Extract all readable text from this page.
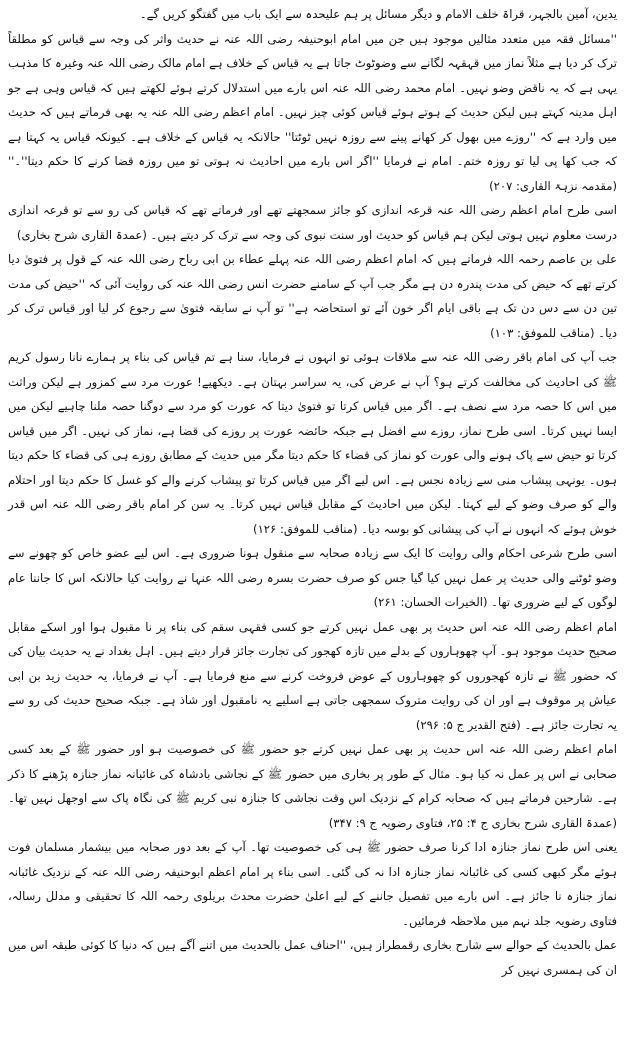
یدین، آمین بالجہر، قراۃ خلف الامام و دیگر مسائل پر ہم علیحدہ سے ایک باب میں گفتگو کریں گے۔

''مسائل فقہ میں متعدد مثالیں موجود ہیں جن میں امام ابوحنیفہ رضی اللہ عنہ نے حدیث واثر کی وجہ سے قیاس کو مطلقاً ترک کر دیا ہے مثلاً نماز میں قہقہہ لگانے سے وضوٹوٹ جاتا ہے یہ قیاس کے خلاف ہے امام مالک رضی اللہ عنہ وغیرہ کا مذہب یہی ہے کہ یہ ناقض وضو نہیں۔ امام محمد رضی اللہ عنہ اس بارے میں استدلال کرتے ہوئے لکھتے ہیں کہ قیاس وہی ہے جو اہل مدینہ کہتے ہیں لیکن حدیث کے ہوتے ہوئے قیاس کوئی چیز نہیں۔ امام اعظم رضی اللہ عنہ یہ بھی فرماتے ہیں کہ حدیث میں وارد ہے کہ ''روزے میں بھول کر کھانے پینے سے روزہ نہیں ٹوٹتا'' حالانکہ یہ قیاس کے خلاف ہے۔ کیونکہ قیاس یہ کہتا ہے کہ جب کھا پی لیا تو روزہ ختم۔ امام نے فرمایا ''اگر اس بارے میں احادیث نہ ہوتی تو میں روزہ قضا کرنے کا حکم دیتا''۔'' (مقدمہ نزہۃ القاری: ۲۰۷)

اسی طرح امام اعظم رضی اللہ عنہ قرعہ اندازی کو جائز سمجھتے تھے اور فرماتے تھے کہ قیاس کی رو سے تو قرعہ اندازی درست معلوم نہیں ہوتی لیکن ہم قیاس کو حدیث اور سنت نبوی کی وجہ سے ترک کر دیتے ہیں۔ (عمدۃ القاری شرح بخاری)

علی بن عاصم رحمہ اللہ فرماتے ہیں کہ امام اعظم رضی اللہ عنہ پہلے عطاء بن ابی رباح رضی اللہ عنہ کے قول پر فتویٰ دیا کرتے تھے کہ حیض کی مدت پندرہ دن ہے مگر جب آپ کے سامنے حضرت انس رضی اللہ عنہ کی روایت آئی کہ ''حیض کی مدت تین دن سے دس دن تک ہے باقی ایام اگر خون آئے تو استحاضہ ہے'' تو آپ نے سابقہ فتویٰ سے رجوع کر لیا اور قیاس ترک کر دیا۔ (مناقب للموفق: ۱۰۳)

جب آپ کی امام باقر رضی اللہ عنہ سے ملاقات ہوئی تو انہوں نے فرمایا، سنا ہے تم قیاس کی بناء پر ہمارے نانا رسول کریم ﷺ کی احادیث کی مخالفت کرتے ہو؟ آپ نے عرض کی، یہ سراسر بہتان ہے۔ دیکھیے! عورت مرد سے کمزور ہے لیکن وراثت میں اس کا حصہ مرد سے نصف ہے۔ اگر میں قیاس کرتا تو فتویٰ دیتا کہ عورت کو مرد سے دوگنا حصہ ملنا چاہیے لیکن میں ایسا نہیں کرتا۔ اسی طرح نماز، روزے سے افضل ہے جبکہ حائضہ عورت پر روزے کی قضا ہے، نماز کی نہیں۔ اگر میں قیاس کرتا تو حیض سے پاک ہونے والی عورت کو نماز کی قضاء کا حکم دیتا مگر میں حدیث کے مطابق روزے ہی کی قضاء کا حکم دیتا ہوں۔ یونہی پیشاب منی سے زیادہ نجس ہے۔ اس لیے اگر میں قیاس کرتا تو پیشاب کرنے والے کو غسل کا حکم دیتا اور احتلام والے کو صرف وضو کے لیے کہتا۔ لیکن میں احادیث کے مقابل قیاس نہیں کرتا۔ یہ سن کر امام باقر رضی اللہ عنہ اس قدر خوش ہوئے کہ انہوں نے آپ کی پیشانی کو بوسہ دیا۔ (مناقب للموفق: ۱۲۶)

اسی طرح شرعی احکام والی روایت کا ایک سے زیادہ صحابہ سے منقول ہونا ضروری ہے۔ اس لیے عضو خاص کو چھونے سے وضو ٹوٹنے والی حدیث پر عمل نہیں کیا گیا جس کو صرف حضرت بسرہ رضی اللہ عنہا نے روایت کیا حالانکہ اس کا جاننا عام لوگوں کے لیے ضروری تھا۔ (الخیرات الحسان: ۲۶۱)

امام اعظم رضی اللہ عنہ اس حدیث پر بھی عمل نہیں کرتے جو کسی فقہی سقم کی بناء پر نا مقبول ہوا اور اسکے مقابل صحیح حدیث موجود ہو۔ آپ چھوہاروں کے بدلے میں تازہ کھجور کی تجارت جائز قرار دیتے ہیں۔ اہل بغداد نے یہ حدیث بیان کی کہ حضور ﷺ نے تازہ کھجوروں کو چھوہاروں کے عوض فروخت کرنے سے منع فرمایا ہے۔ آپ نے فرمایا، یہ حدیث زید بن ابی عیاش پر موقوف ہے اور ان کی روایت متروک سمجھی جاتی ہے اسلیے یہ نامقبول اور شاذ ہے۔ جبکہ صحیح حدیث کی رو سے یہ تجارت جائز ہے۔ (فتح القدیر ج ۵: ۲۹۶)

امام اعظم رضی اللہ عنہ اس حدیث پر بھی عمل نہیں کرتے جو حضور ﷺ کی خصوصیت ہو اور حضور ﷺ کے بعد کسی صحابی نے اس پر عمل نہ کیا ہو۔ مثال کے طور پر بخاری میں حضور ﷺ کے نجاشی بادشاہ کی غائبانہ نماز جنازہ پڑھنے کا ذکر ہے۔ شارحین فرماتے ہیں کہ صحابہ کرام کے نزدیک اس وقت نجاشی کا جنازہ نبی کریم ﷺ کی نگاہ پاک سے اوجھل نہیں تھا۔ (عمدۃ القاری شرح بخاری ج ۴: ۲۵، فتاوی رضویہ ج ۹: ۳۴۷)

یعنی اس طرح نماز جنازہ ادا کرنا صرف حضور ﷺ ہی کی خصوصیت تھا۔ آپ کے بعد دور صحابہ میں بیشمار مسلمان فوت ہوئے مگر کبھی کسی کی غائبانہ نماز جنازہ ادا نہ کی گئی۔ اسی بناء پر امام اعظم ابوحنیفہ رضی اللہ عنہ کے نزدیک غائبانہ نماز جنازہ نا جائز ہے۔ اس بارے میں تفصیل جاننے کے لیے اعلیٰ حضرت محدث بریلوی رحمہ اللہ کا تحقیقی و مدلل رسالہ، فتاوی رضویہ جلد نہم میں ملاحظہ فرمائیں۔

عمل بالحدیث کے حوالے سے شارح بخاری رقمطراز ہیں، ''احناف عمل بالحدیث میں اتنے آگے ہیں کہ دنیا کا کوئی طبقہ اس میں ان کی ہمسری نہیں کر
